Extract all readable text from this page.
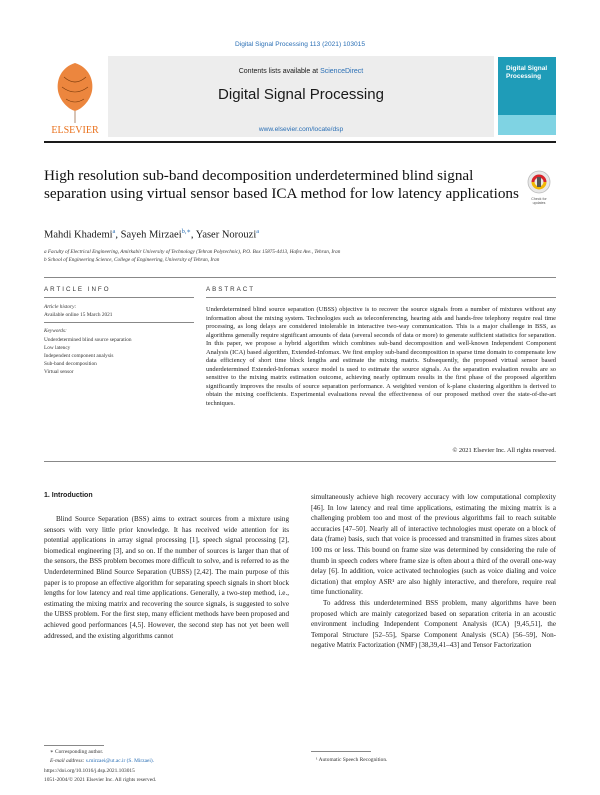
Digital Signal Processing 113 (2021) 103015
ELSEVIER
Contents lists available at ScienceDirect
Digital Signal Processing
www.elsevier.com/locate/dsp
Digital Signal Processing
High resolution sub-band decomposition underdetermined blind signal separation using virtual sensor based ICA method for low latency applications	Check for
updates
Mahdi Khademi$^a$, Sayeh Mirzaei$^{b,∗}$, Yaser Norouzi$^a$
a Faculty of Electrical Engineering, Amirkabir University of Technology (Tehran Polytechnic), P.O. Box 15875-4413, Hafez Ave., Tehran, Iran
b School of Engineering Science, College of Engineering, University of Tehran, Iran
ARTICLE INFO	ABSTRACT
Article history:
Available online 15 March 2021
Keywords:
Underdetermined blind source separation
Low latency
Independent component analysis
Sub-band decomposition
Virtual sensor
Underdetermined blind source separation (UBSS) objective is to recover the source signals from a number of mixtures without any information about the mixing system. Technologies such as teleconferencing, hearing aids and hands-free telephony require real time processing, as long delays are considered intolerable in interactive two-way communication. This is a major challenge in BSS, as algorithms generally require significant amounts of data (several seconds of data or more) to generate sufficient statistics for separation. In this paper, we propose a hybrid algorithm which combines sub-band decomposition and well-known Independent Component Analysis (ICA) based algorithm, Extended-Infomax. We first employ sub-band decomposition in sparse time domain to compensate low data efficiency of short time block lengths and estimate the mixing matrix. Subsequently, the proposed virtual sensor based underdetermined Extended-Infomax source model is used to estimate the source signals. As the separation evaluation results are so sensitive to the mixing matrix estimation outcome, achieving nearly optimum results in the first phase of the proposed algorithm significantly improves the results of source separation performance. A weighted version of k-plane clustering algorithm is derived to obtain the mixing coefficients. Experimental evaluations reveal the effectiveness of our proposed method over the state-of-the-art techniques.
© 2021 Elsevier Inc. All rights reserved.
1. Introduction

Blind Source Separation (BSS) aims to extract sources from a mixture using sensors with very little prior knowledge. It has received wide attention for its potential applications in array signal processing [1], speech signal processing [2], biomedical engineering [3], and so on. If the number of sources is larger than that of the sensors, the BSS problem becomes more difficult to solve, and is referred to as the Underdetermined Blind Source Separation (UBSS) [2,42]. The main purpose of this paper is to propose an effective algorithm for separating speech signals in short block lengths for low latency and real time applications. Generally, a two-step method, i.e., estimating the mixing matrix and recovering the source signals, is suggested to solve the UBSS problem. For the first step, many efficient methods have been proposed and achieved good performances [4,5]. However, the second step has not yet been well addressed, and the existing algorithms cannot

simultaneously achieve high recovery accuracy with low computational complexity [46]. In low latency and real time applications, estimating the mixing matrix is a challenging problem too and most of the previous algorithms fail to reach suitable accuracies [47–50]. Nearly all of interactive technologies must operate on a block of data (frame) basis, such that voice is processed and transmitted in frames sizes about 100 ms or less. This bound on frame size was determined by considering the rule of thumb in speech coders where frame size is often about a third of the overall one-way delay [6]. In addition, voice activated technologies (such as voice dialing and voice dictation) that employ ASR¹ are also highly interactive, and therefore, require real time functionality.

To address this underdetermined BSS problem, many algorithms have been proposed which are mainly categorized based on separation criteria in an acoustic environment including Independent Component Analysis (ICA) [9,45,51], the Temporal Structure [52–55], Sparse Component Analysis (SCA) [56–59], Non-negative Matrix Factorization (NMF) [38,39,41–43] and Tensor Factorization

∗ Corresponding author.
E-mail address: s.mirzaei@ut.ac.ir (S. Mirzaei).
https://doi.org/10.1016/j.dsp.2021.103015
1051-2004/© 2021 Elsevier Inc. All rights reserved.
¹ Automatic Speech Recognition.
